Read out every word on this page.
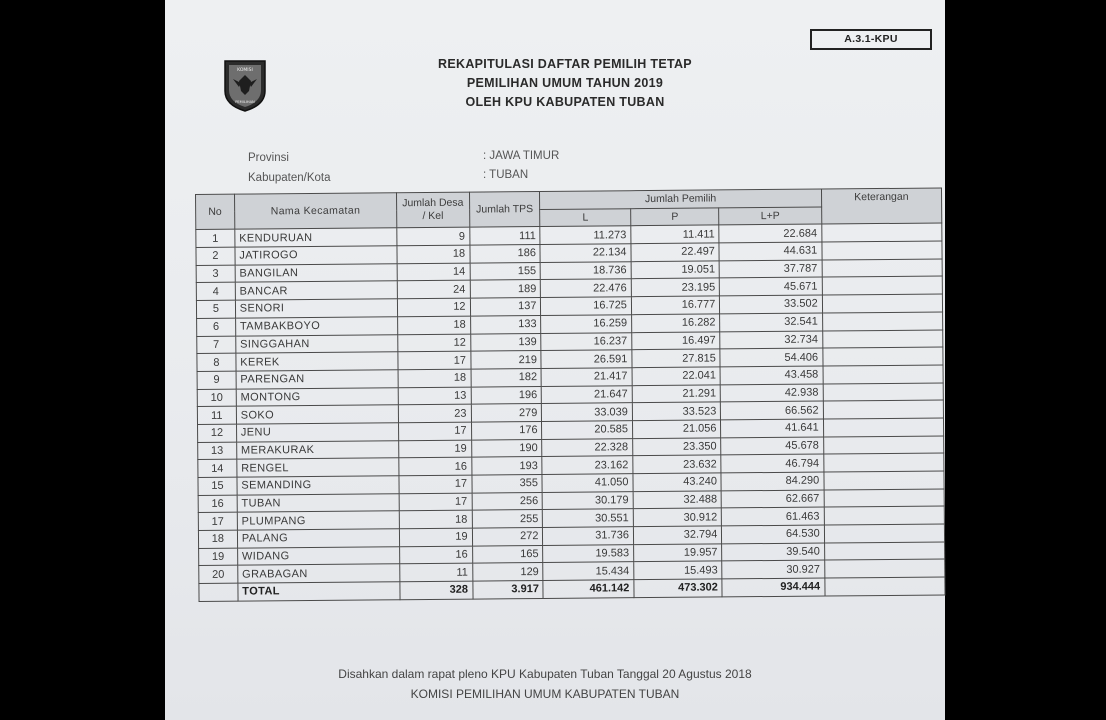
A.3.1-KPU
KOMISI
PEMILIHAN
REKAPITULASI DAFTAR PEMILIH TETAP
PEMILIHAN UMUM TAHUN 2019
OLEH KPU KABUPATEN TUBAN
Provinsi	: JAWA TIMUR
Kabupaten/Kota	: TUBAN
No	Nama Kecamatan	Jumlah Desa / Kel	Jumlah TPS	Jumlah Pemilih			Keterangan
				L	P	L+P	
1	KENDURUAN	9	111	11.273	11.411	22.684	
2	JATIROGO	18	186	22.134	22.497	44.631	
3	BANGILAN	14	155	18.736	19.051	37.787	
4	BANCAR	24	189	22.476	23.195	45.671	
5	SENORI	12	137	16.725	16.777	33.502	
6	TAMBAKBOYO	18	133	16.259	16.282	32.541	
7	SINGGAHAN	12	139	16.237	16.497	32.734	
8	KEREK	17	219	26.591	27.815	54.406	
9	PARENGAN	18	182	21.417	22.041	43.458	
10	MONTONG	13	196	21.647	21.291	42.938	
11	SOKO	23	279	33.039	33.523	66.562	
12	JENU	17	176	20.585	21.056	41.641	
13	MERAKURAK	19	190	22.328	23.350	45.678	
14	RENGEL	16	193	23.162	23.632	46.794	
15	SEMANDING	17	355	41.050	43.240	84.290	
16	TUBAN	17	256	30.179	32.488	62.667	
17	PLUMPANG	18	255	30.551	30.912	61.463	
18	PALANG	19	272	31.736	32.794	64.530	
19	WIDANG	16	165	19.583	19.957	39.540	
20	GRABAGAN	11	129	15.434	15.493	30.927	
	TOTAL	328	3.917	461.142	473.302	934.444	
Disahkan dalam rapat pleno KPU Kabupaten Tuban Tanggal 20 Agustus 2018
KOMISI PEMILIHAN UMUM KABUPATEN TUBAN
